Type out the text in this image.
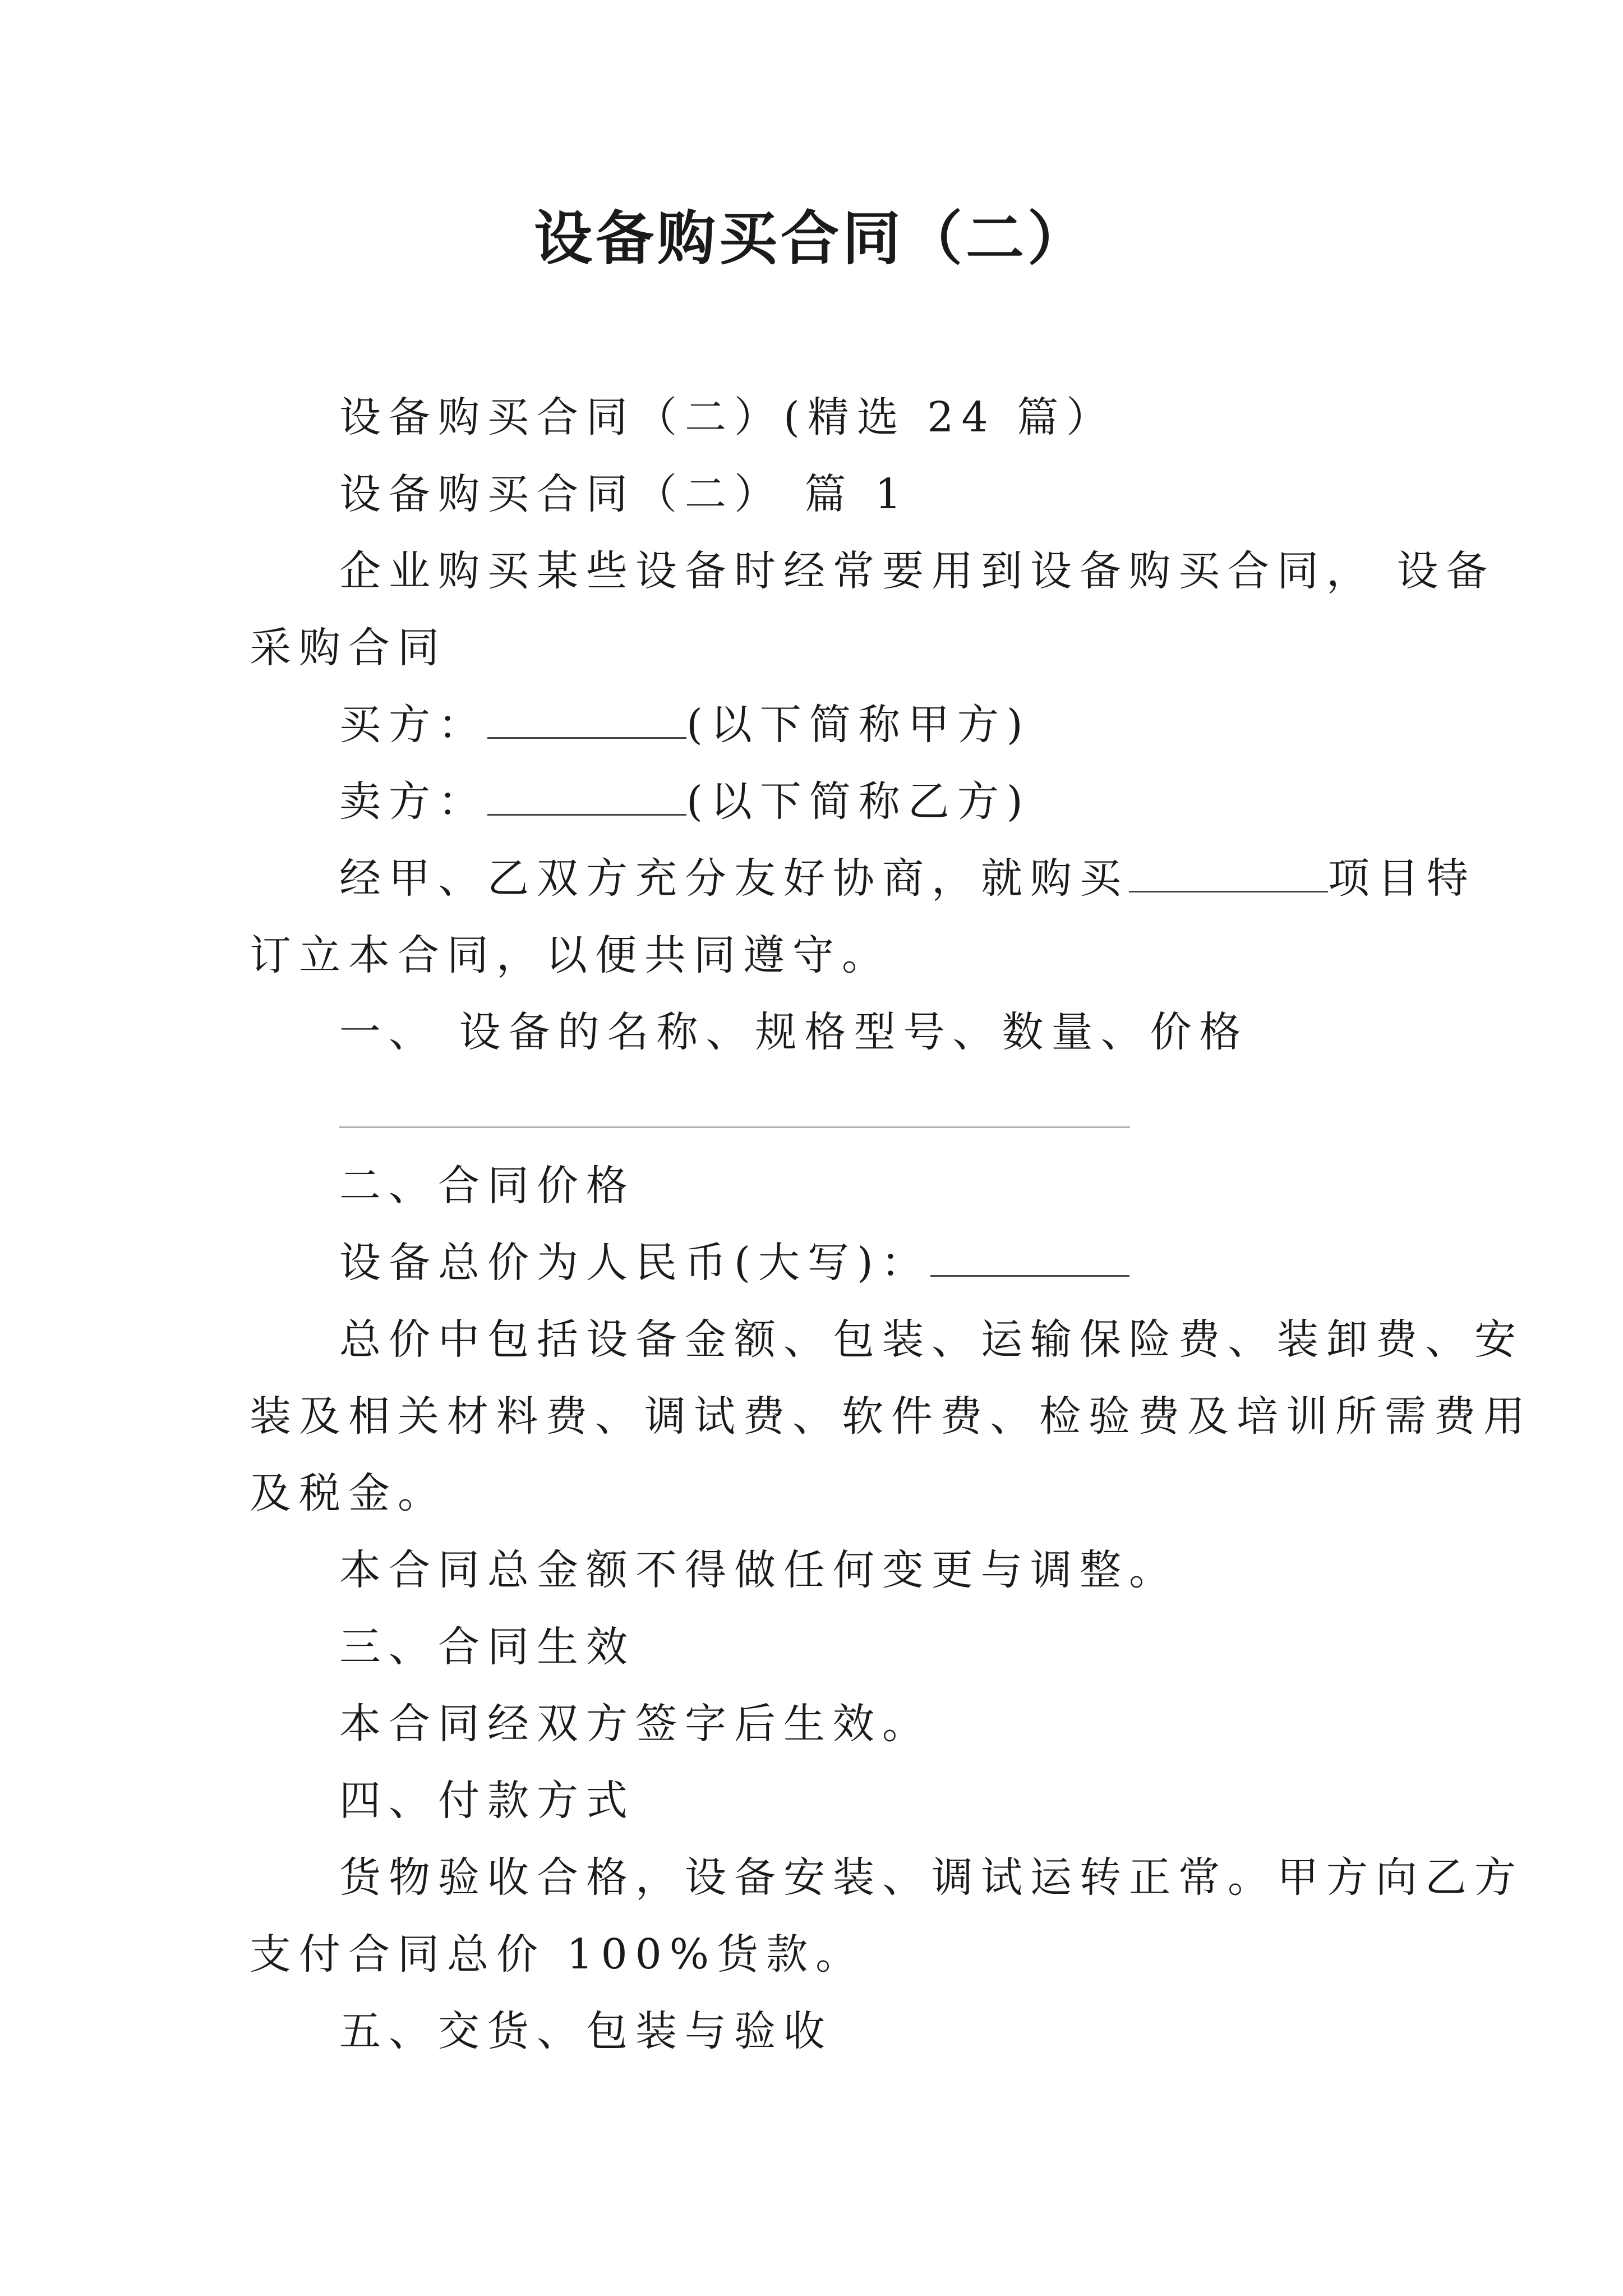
设备购买合同（二）

设备购买合同（二）(精选 24 篇）

设备购买合同（二） 篇 1

企业购买某些设备时经常要用到设备购买合同， 设备

采购合同

买方：	(以下简称甲方)

卖方：	(以下简称乙方)

经甲、乙双方充分友好协商，就购买	项目特

订立本合同，以便共同遵守。

一、 设备的名称、规格型号、数量、价格

二、合同价格

设备总价为人民币(大写)：

总价中包括设备金额、包装、运输保险费、装卸费、安

装及相关材料费、调试费、软件费、检验费及培训所需费用

及税金。

本合同总金额不得做任何变更与调整。

三、合同生效

本合同经双方签字后生效。

四、付款方式

货物验收合格，设备安装、调试运转正常。甲方向乙方

支付合同总价 100%货款。

五、交货、包装与验收
